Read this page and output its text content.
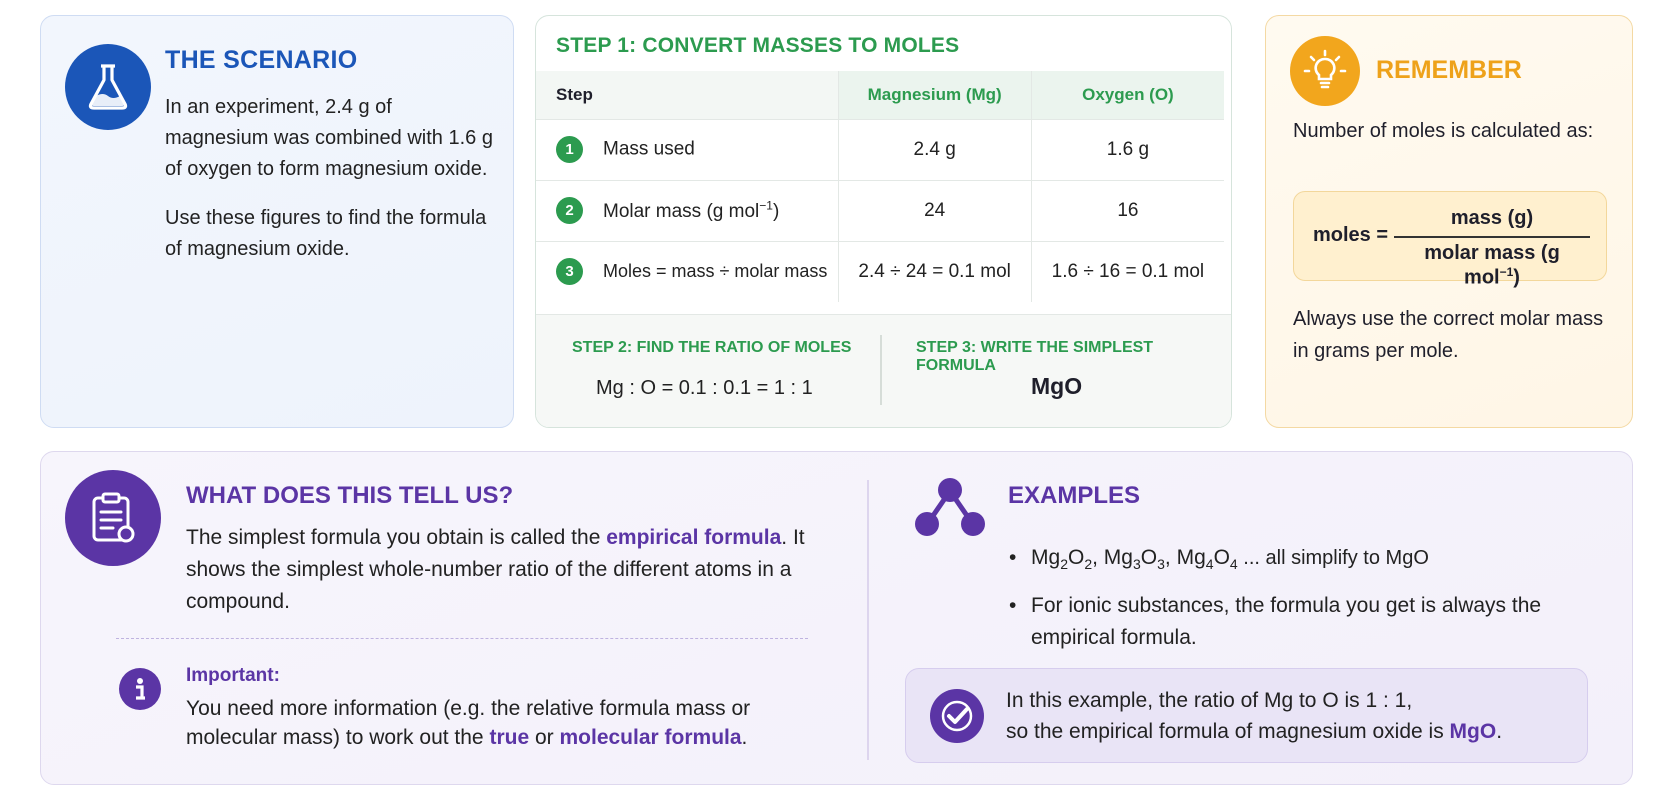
THE SCENARIO

In an experiment, 2.4 g of magnesium was combined with 1.6 g of oxygen to form magnesium oxide.

Use these figures to find the formula of magnesium oxide.

STEP 1: CONVERT MASSES TO MOLES
Step	Magnesium (Mg)	Oxygen (O)
1 Mass used	2.4 g	1.6 g
2 Molar mass (g mol$^{-1}$)	24	16
3 Moles = mass ÷ molar mass	2.4 ÷ 24 = 0.1 mol	1.6 ÷ 16 = 0.1 mol
STEP 2: FIND THE RATIO OF MOLES
Mg : O = 0.1 : 0.1 = 1 : 1
STEP 3: WRITE THE SIMPLEST FORMULA
MgO
REMEMBER

Number of moles is calculated as:

moles =
mass (g)
molar mass (g mol$^{-1}$)

Always use the correct molar mass in grams per mole.

WHAT DOES THIS TELL US?

The simplest formula you obtain is called the empirical formula. It shows the simplest whole-number ratio of the different atoms in a compound.

Important:

You need more information (e.g. the relative formula mass or molecular mass) to work out the true or molecular formula.

EXAMPLES
• $Mg_2O_2$, $Mg_3O_3$, $Mg_4O_4$ ... all simplify to MgO
• For ionic substances, the formula you get is always the empirical formula.

In this example, the ratio of Mg to O is 1 : 1,
so the empirical formula of magnesium oxide is MgO.
